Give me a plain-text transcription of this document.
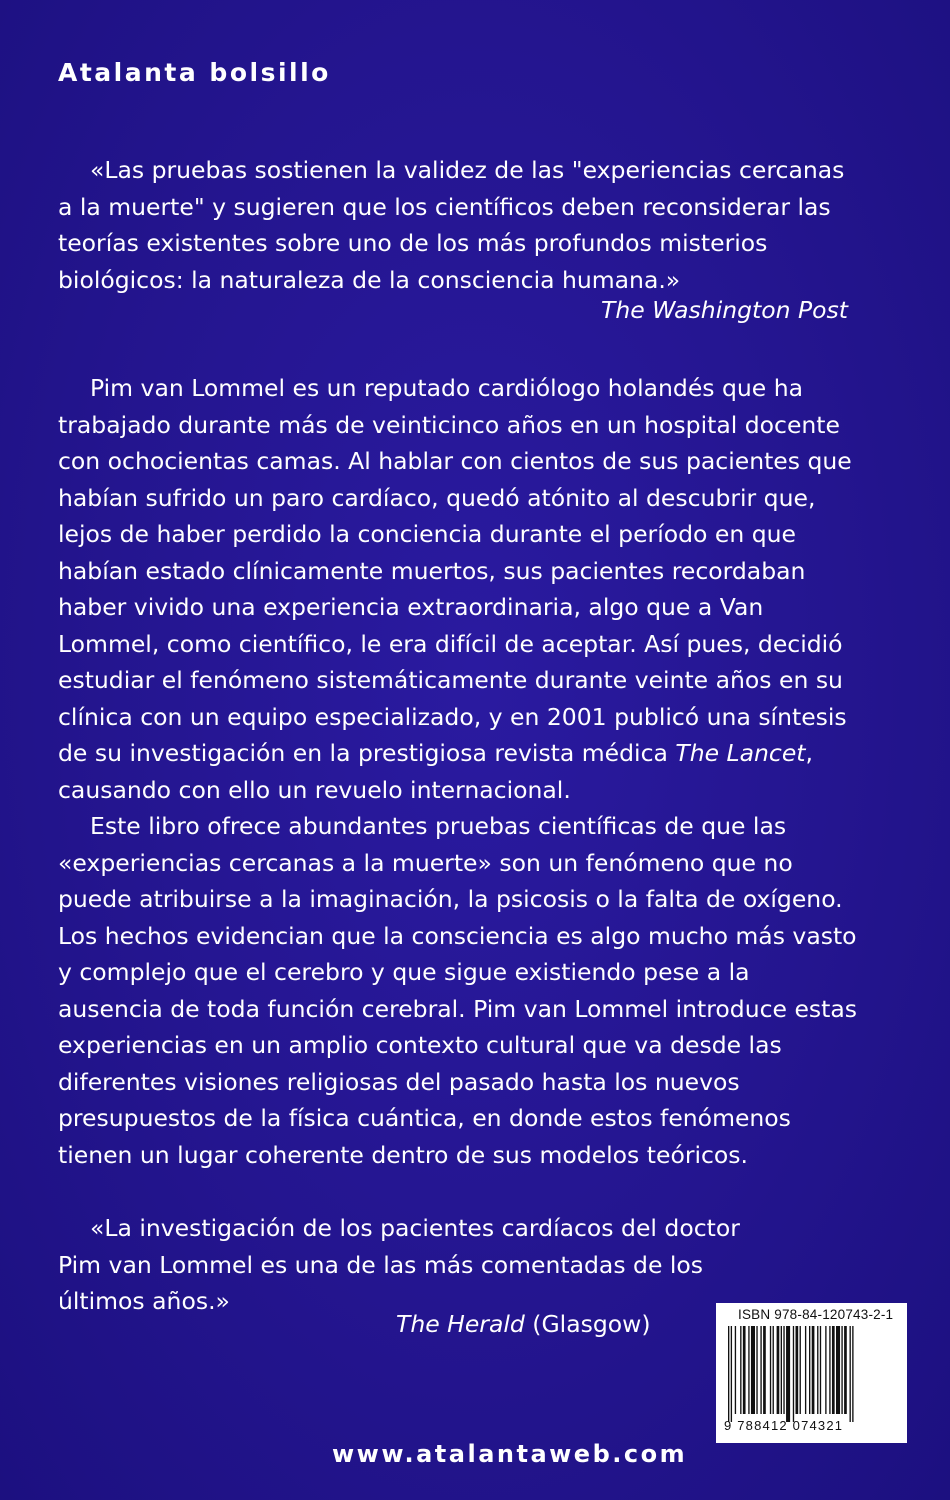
Atalanta bolsillo

«Las pruebas sostienen la validez de las "experiencias cercanas a la muerte" y sugieren que los científicos deben reconsiderar las teorías existentes sobre uno de los más profundos misterios biológicos: la naturaleza de la consciencia humana.»

The Washington Post

Pim van Lommel es un reputado cardiólogo holandés que ha trabajado durante más de veinticinco años en un hospital docente con ochocientas camas. Al hablar con cientos de sus pacientes que habían sufrido un paro cardíaco, quedó atónito al descubrir que, lejos de haber perdido la conciencia durante el período en que habían estado clínicamente muertos, sus pacientes recordaban haber vivido una experiencia extraordinaria, algo que a Van Lommel, como científico, le era difícil de aceptar. Así pues, decidió estudiar el fenómeno sistemáticamente durante veinte años en su clínica con un equipo especializado, y en 2001 publicó una síntesis de su investigación en la prestigiosa revista médica The Lancet, causando con ello un revuelo internacional.

Este libro ofrece abundantes pruebas científicas de que las «experiencias cercanas a la muerte» son un fenómeno que no puede atribuirse a la imaginación, la psicosis o la falta de oxígeno. Los hechos evidencian que la consciencia es algo mucho más vasto y complejo que el cerebro y que sigue existiendo pese a la ausencia de toda función cerebral. Pim van Lommel introduce estas experiencias en un amplio contexto cultural que va desde las diferentes visiones religiosas del pasado hasta los nuevos presupuestos de la física cuántica, en donde estos fenómenos tienen un lugar coherente dentro de sus modelos teóricos.

«La investigación de los pacientes cardíacos del doctor Pim van Lommel es una de las más comentadas de los últimos años.»

The Herald (Glasgow)	ISBN 978-84-120743-2-1
9 788412 074321
www.atalantaweb.com
